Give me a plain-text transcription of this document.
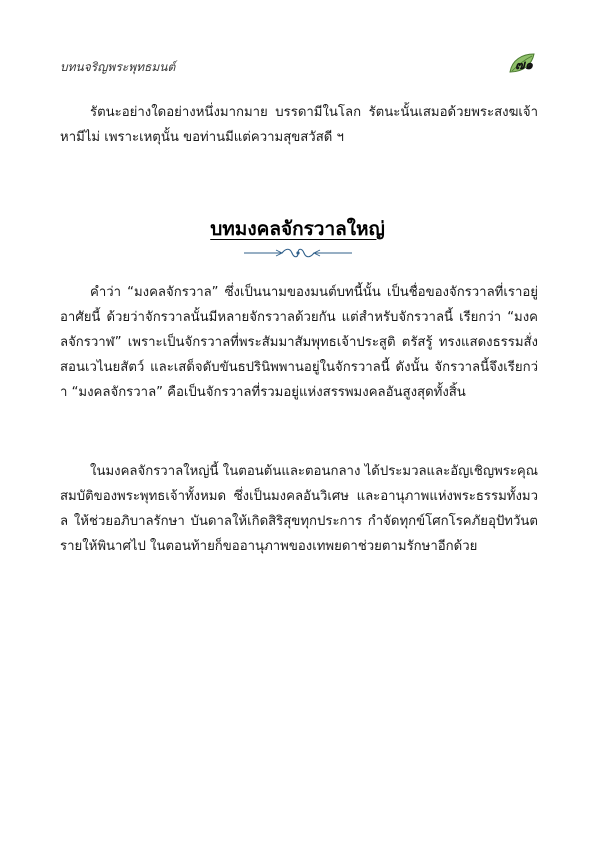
บทนจริญพระพุทธมนต์	๗๑

รัตนะอย่างใดอย่างหนึ่งมากมาย บรรดามีในโลก รัตนะนั้นเสมอด้วยพระสงฆเจ้าหามีไม่ เพราะเหตุนั้น ขอท่านมีแต่ความสุขสวัสดี ฯ

บทมงคลจักรวาลใหญ่

คำว่า “มงคลจักรวาล” ซึ่งเป็นนามของมนต์บทนี้นั้น เป็นชื่อของจักรวาลที่เราอยู่อาศัยนี้ ด้วยว่าจักรวาลนั้นมีหลายจักรวาลด้วยกัน แต่สำหรับจักรวาลนี้ เรียกว่า “มงคลจักรวาฬ” เพราะเป็นจักรวาลที่พระสัมมาสัมพุทธเจ้าประสูติ ตรัสรู้ ทรงแสดงธรรมสั่งสอนเวไนยสัตว์ และเสด็จดับขันธปรินิพพานอยู่ในจักรวาลนี้ ดังนั้น จักรวาลนี้จึงเรียกว่า “มงคลจักรวาล” คือเป็นจักรวาลที่รวมอยู่แห่งสรรพมงคลอันสูงสุดทั้งสิ้น

ในมงคลจักรวาลใหญ่นี้ ในตอนต้นและตอนกลาง ได้ประมวลและอัญเชิญพระคุณสมบัติของพระพุทธเจ้าทั้งหมด ซึ่งเป็นมงคลอันวิเศษ และอานุภาพแห่งพระธรรมทั้งมวล ให้ช่วยอภิบาลรักษา บันดาลให้เกิดสิริสุขทุกประการ กำจัดทุกข์โศกโรคภัยอุปัทวันตรายให้พินาศไป ในตอนท้ายก็ขออานุภาพของเทพยดาช่วยตามรักษาอีกด้วย
